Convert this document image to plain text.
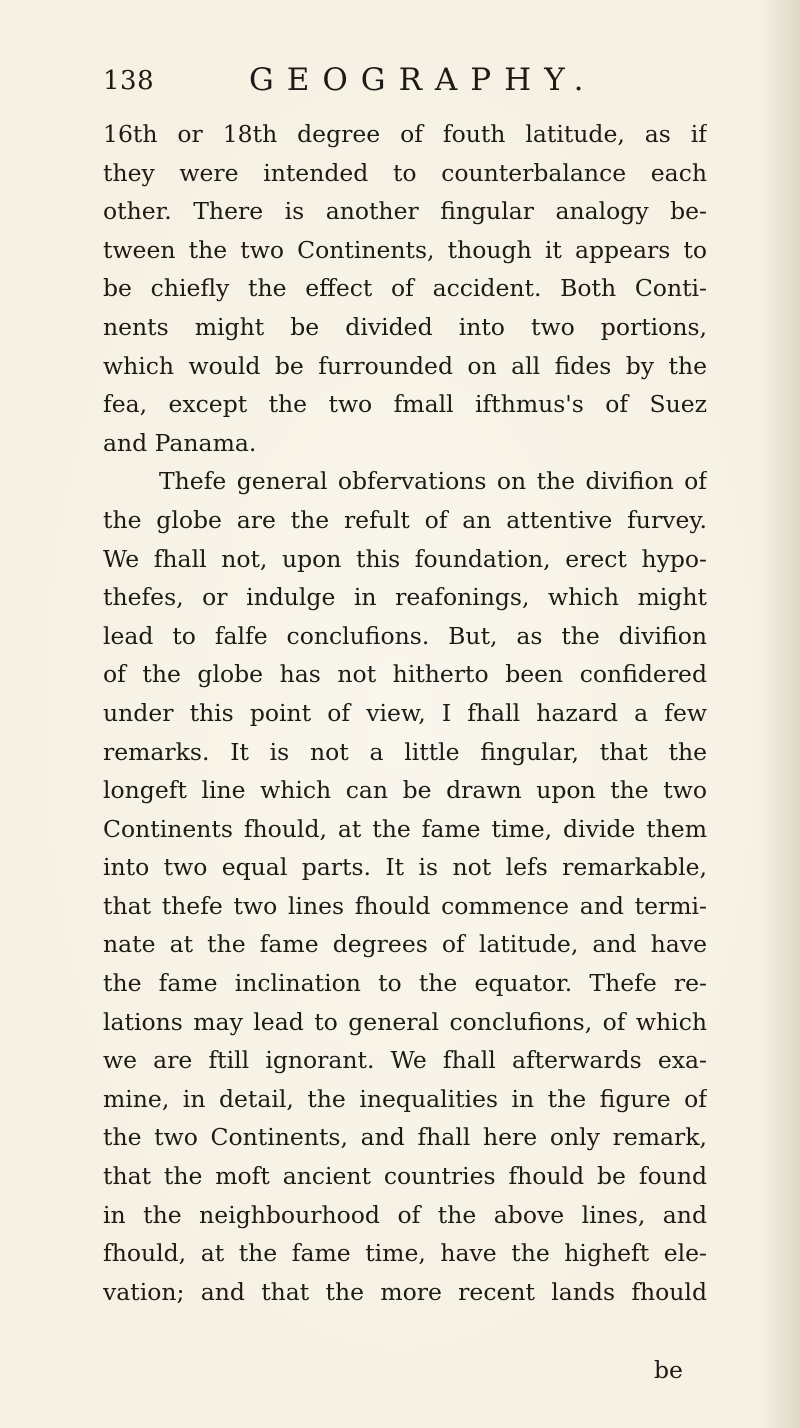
138	GEOGRAPHY.
16th or 18th degree of fouth latitude, as if
they were intended to counterbalance each
other. There is another fingular analogy be-
tween the two Continents, though it appears to
be chiefly the effect of accident. Both Conti-
nents might be divided into two portions,
which would be furrounded on all fides by the
fea, except the two fmall ifthmus's of Suez
and Panama.
Thefe general obfervations on the divifion of
the globe are the refult of an attentive furvey.
We fhall not, upon this foundation, erect hypo-
thefes, or indulge in reafonings, which might
lead to falfe conclufions. But, as the divifion
of the globe has not hitherto been confidered
under this point of view, I fhall hazard a few
remarks. It is not a little fingular, that the
longeft line which can be drawn upon the two
Continents fhould, at the fame time, divide them
into two equal parts. It is not lefs remarkable,
that thefe two lines fhould commence and termi-
nate at the fame degrees of latitude, and have
the fame inclination to the equator. Thefe re-
lations may lead to general conclufions, of which
we are ftill ignorant. We fhall afterwards exa-
mine, in detail, the inequalities in the figure of
the two Continents, and fhall here only remark,
that the moft ancient countries fhould be found
in the neighbourhood of the above lines, and
fhould, at the fame time, have the higheft ele-
vation; and that the more recent lands fhould
be
